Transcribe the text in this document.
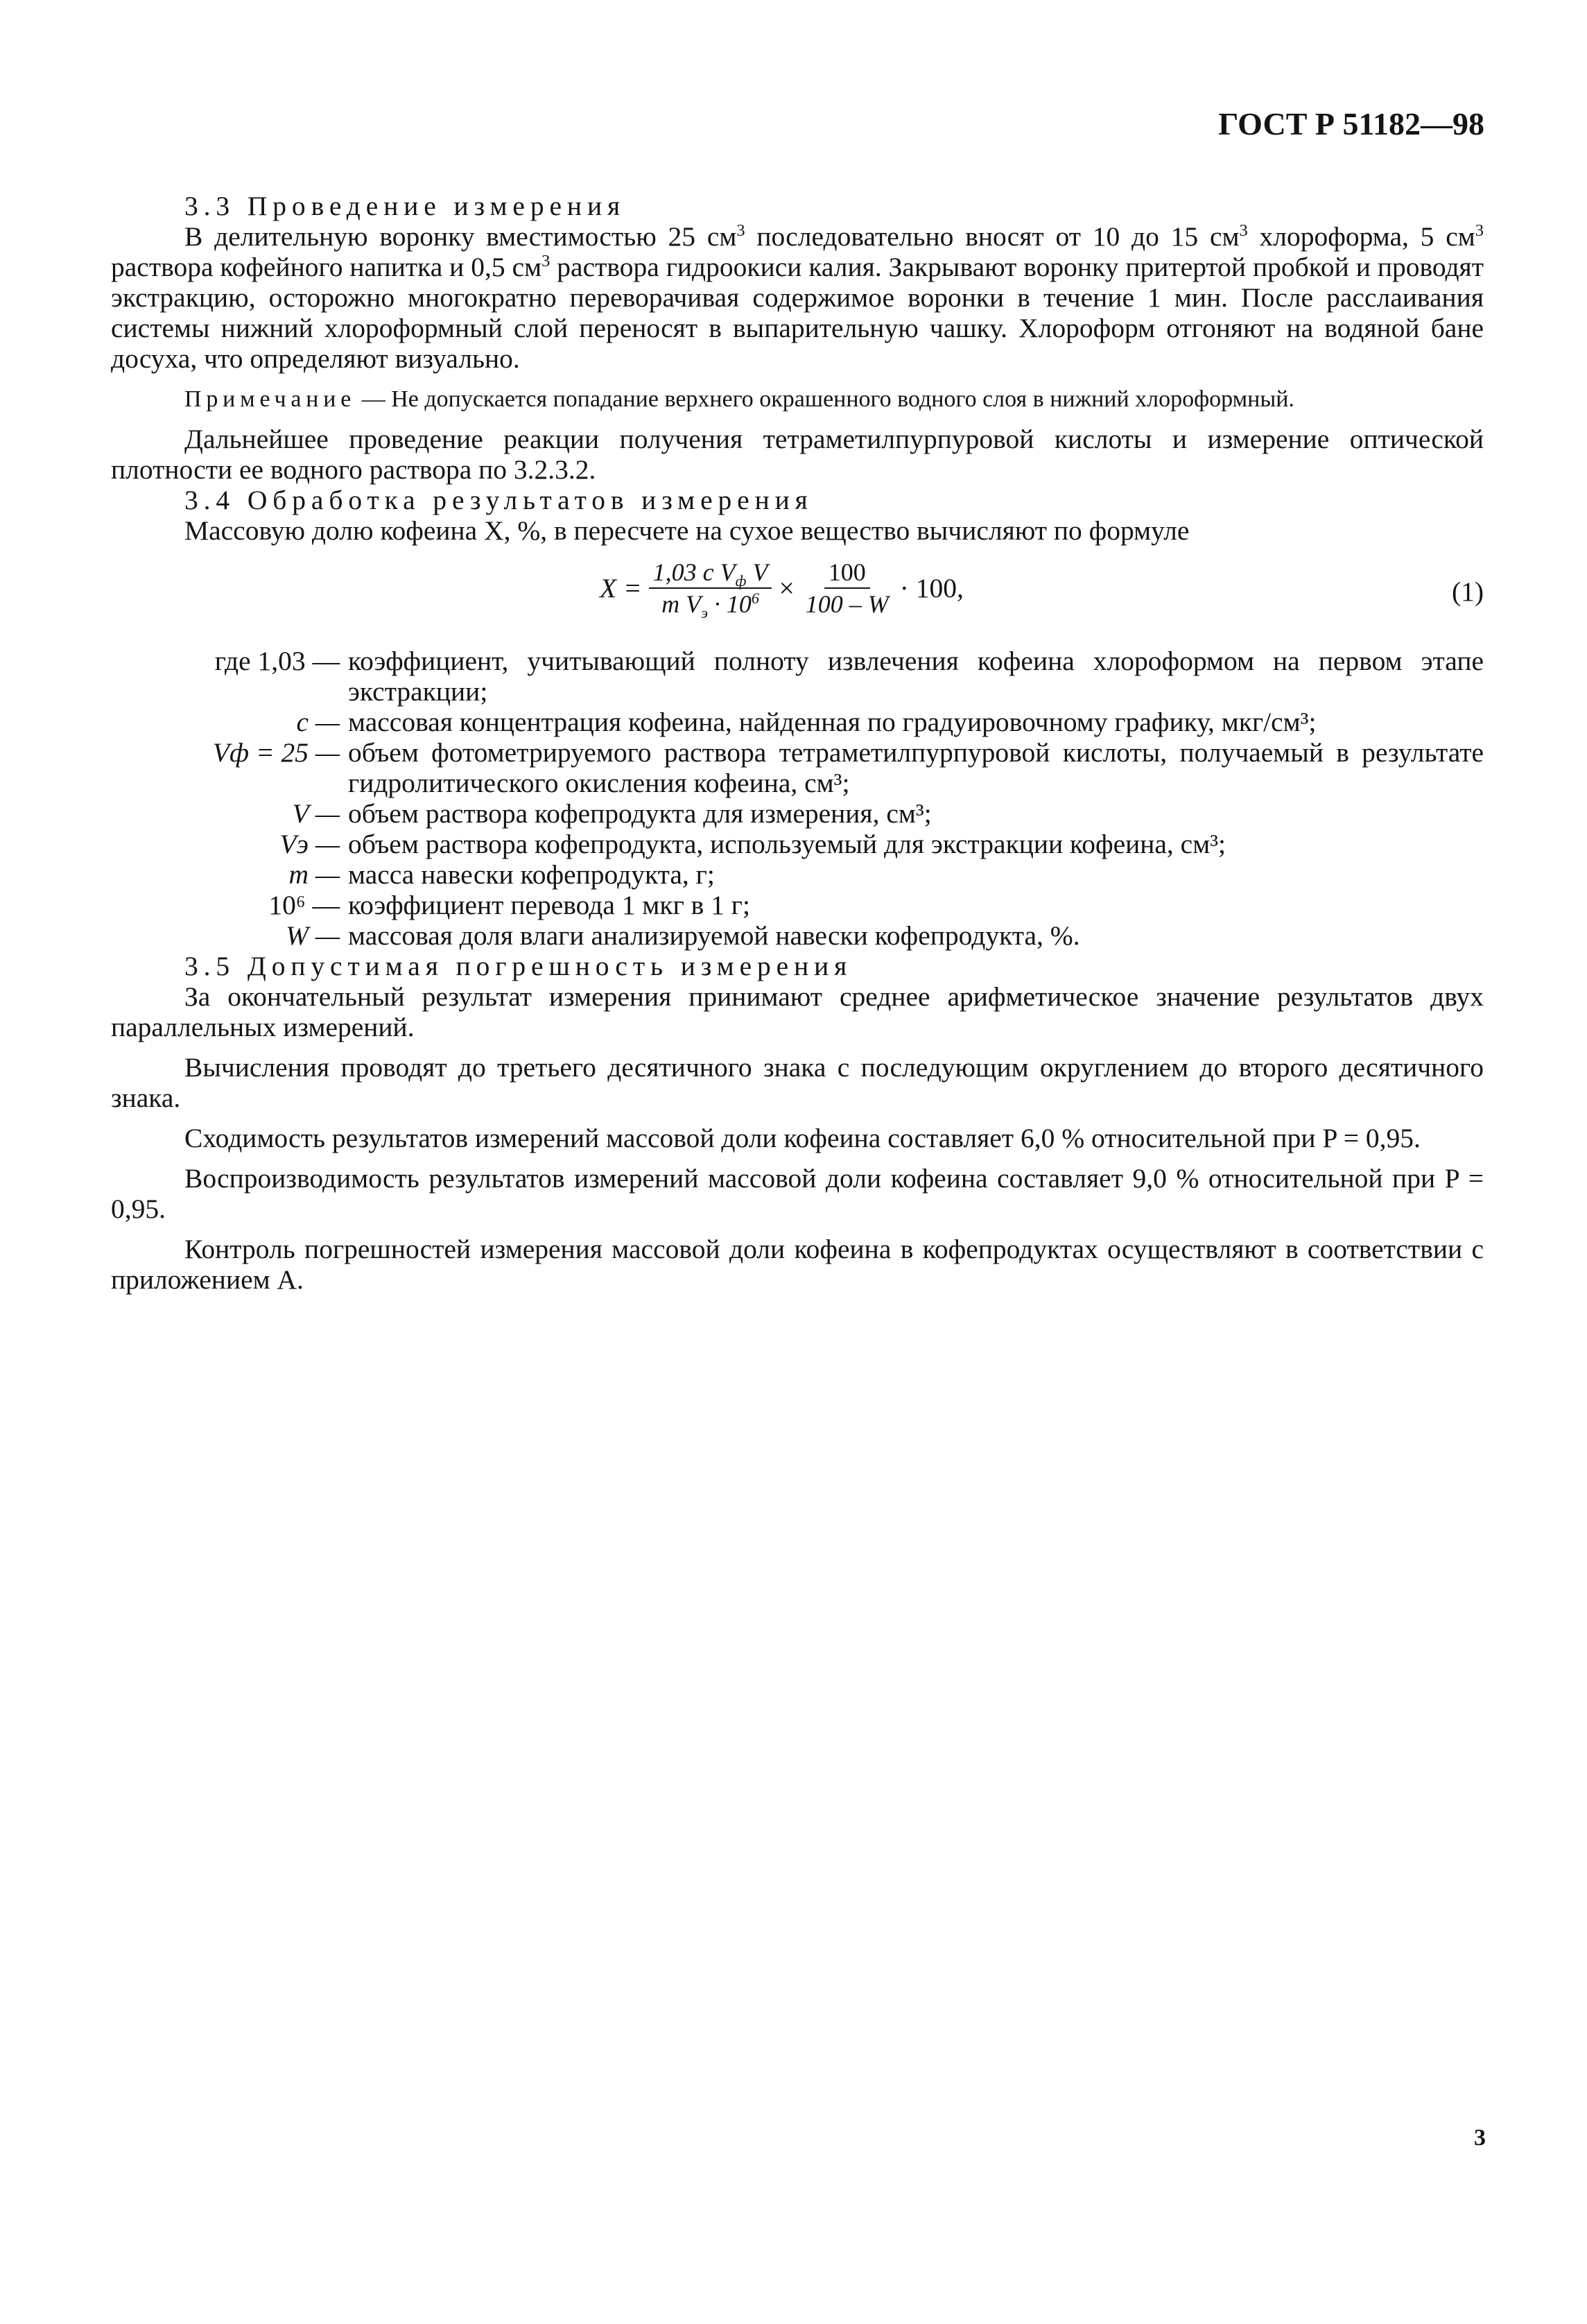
ГОСТ Р 51182—98

3.3 Проведение измерения

В делительную воронку вместимостью 25 $см^3$ последовательно вносят от 10 до 15 $см^3$ хлороформа, 5 $см^3$ раствора кофейного напитка и 0,5 $см^3$ раствора гидроокиси калия. Закрывают воронку притертой пробкой и проводят экстракцию, осторожно многократно переворачивая содержимое воронки в течение 1 мин. После расслаивания системы нижний хлороформный слой переносят в выпарительную чашку. Хлороформ отгоняют на водяной бане досуха, что определяют визуально.

Примечание — Не допускается попадание верхнего окрашенного водного слоя в нижний хлороформный.

Дальнейшее проведение реакции получения тетраметилпурпуровой кислоты и измерение оптической плотности ее водного раствора по 3.2.3.2.

3.4 Обработка результатов измерения

Массовую долю кофеина X, %, в пересчете на сухое вещество вычисляют по формуле

$X = \frac{1,03 c V_ф V}{m V_э \cdot 10^6} \times \frac{100}{100 - W} \cdot 100$,	(1)
где 1,03 — коэффициент, учитывающий полноту извлечения кофеина хлороформом на первом этапе экстракции;
c — массовая концентрация кофеина, найденная по градуировочному графику, мкг/см³;
Vф = 25 — объем фотометрируемого раствора тетраметилпурпуровой кислоты, получаемый в результате гидролитического окисления кофеина, см³;
V — объем раствора кофепродукта для измерения, см³;
Vэ — объем раствора кофепродукта, используемый для экстракции кофеина, см³;
m — масса навески кофепродукта, г;
10⁶ — коэффициент перевода 1 мкг в 1 г;
W — массовая доля влаги анализируемой навески кофепродукта, %.

3.5 Допустимая погрешность измерения

За окончательный результат измерения принимают среднее арифметическое значение результатов двух параллельных измерений.

Вычисления проводят до третьего десятичного знака с последующим округлением до второго десятичного знака.

Сходимость результатов измерений массовой доли кофеина составляет 6,0 % относительной при P = 0,95.

Воспроизводимость результатов измерений массовой доли кофеина составляет 9,0 % относительной при P = 0,95.

Контроль погрешностей измерения массовой доли кофеина в кофепродуктах осуществляют в соответствии с приложением А.

3
